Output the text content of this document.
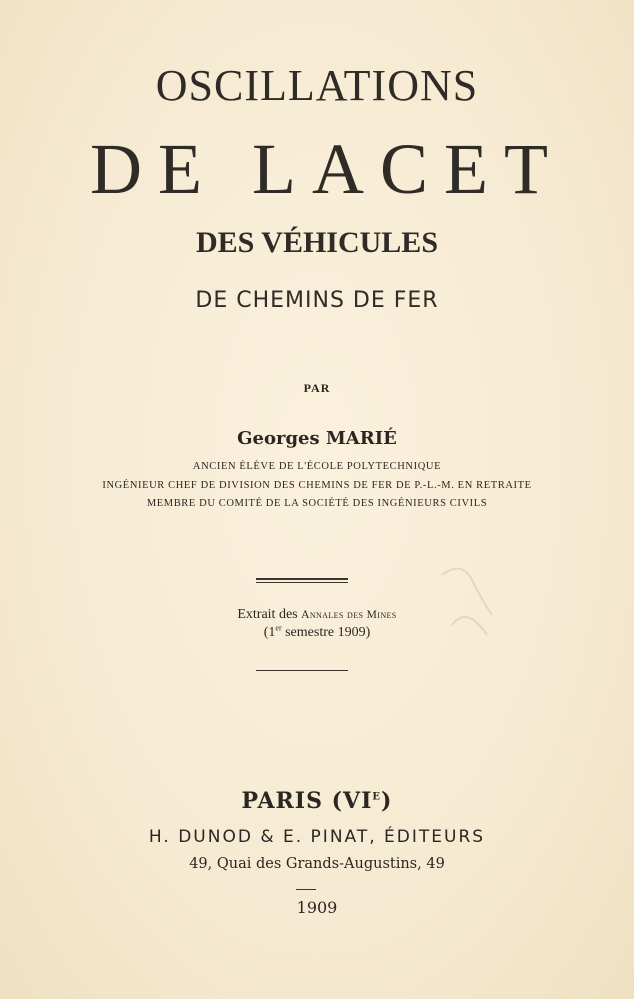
OSCILLATIONS
DE LACET
DES VÉHICULES
DE CHEMINS DE FER
PAR
Georges MARIÉ
ANCIEN ÉLÈVE DE L'ÉCOLE POLYTECHNIQUE
INGÉNIEUR CHEF DE DIVISION DES CHEMINS DE FER DE P.-L.-M. EN RETRAITE
MEMBRE DU COMITÉ DE LA SOCIÉTÉ DES INGÉNIEURS CIVILS
Extrait des Annales des Mines
(1er semestre 1909)
PARIS $(VI^E)$
H. DUNOD & E. PINAT, ÉDITEURS
49, Quai des Grands-Augustins, 49
1909
